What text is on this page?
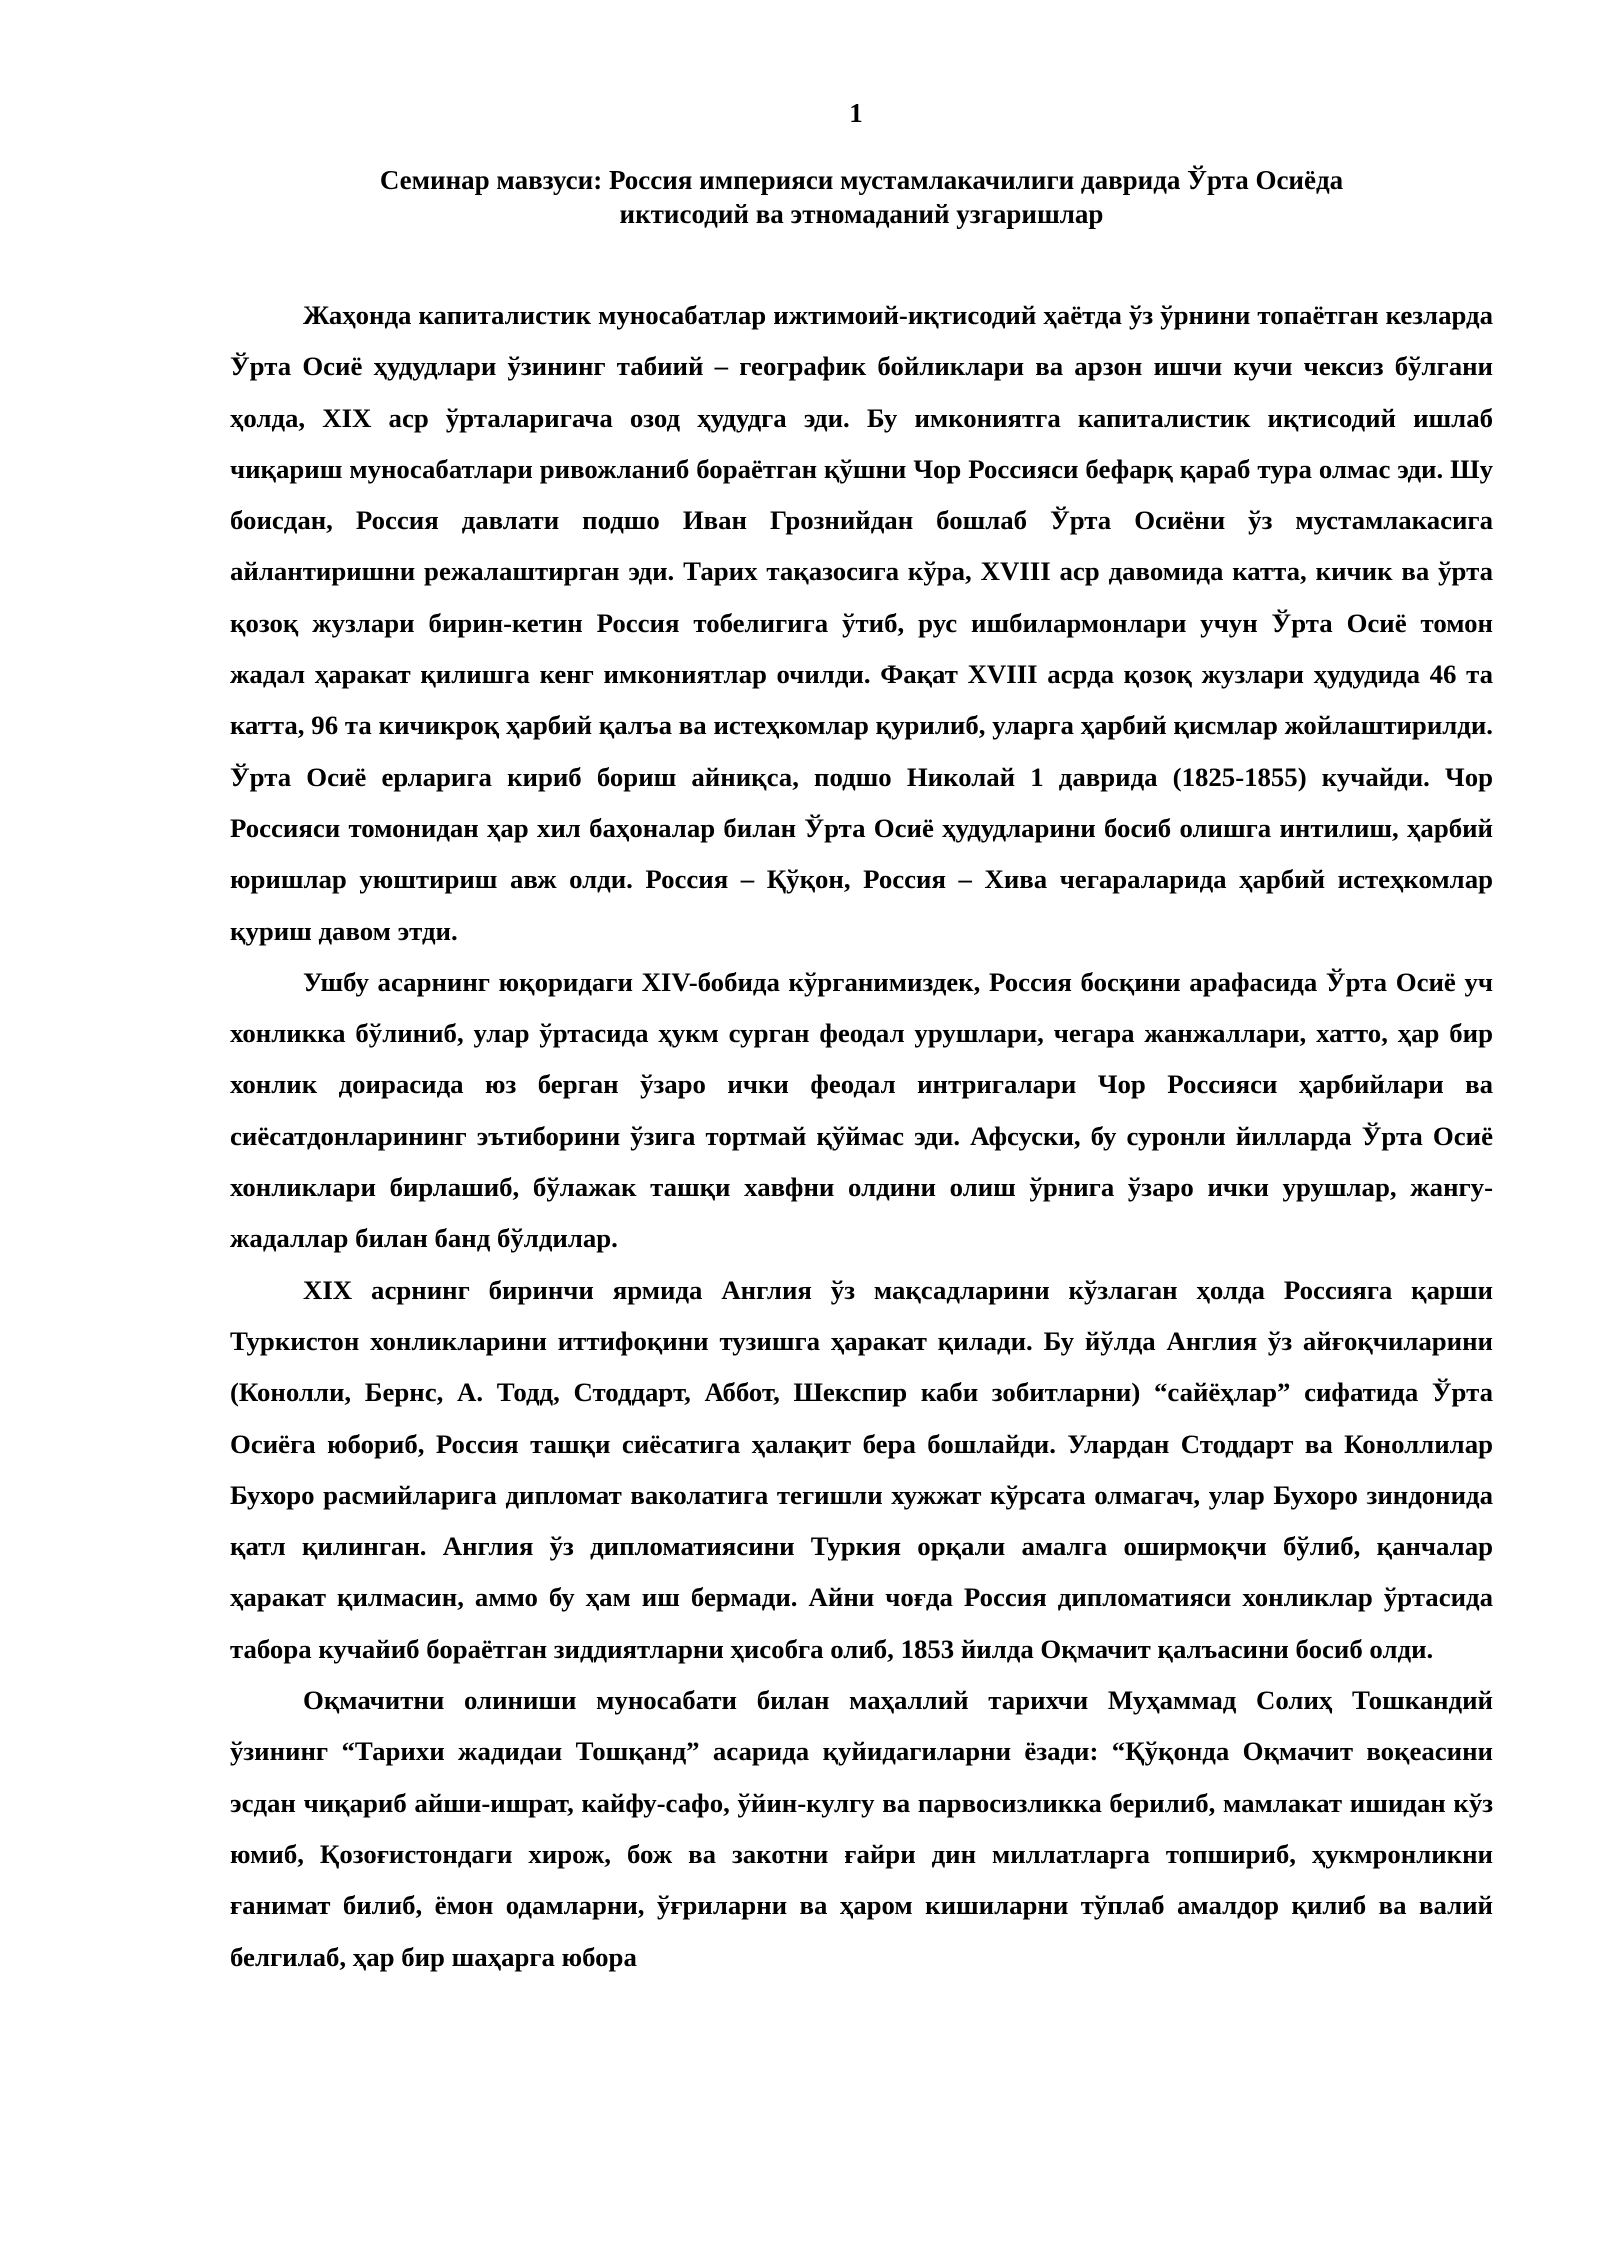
1
Семинар мавзуси: Россия империяси мустамлакачилиги даврида Ўрта Осиёда
иктисодий ва этномаданий узгаришлар

Жаҳонда капиталистик муносабатлар ижтимоий-иқтисодий ҳаётда ўз ўрнини топаётган кезларда Ўрта Осиё ҳудудлари ўзининг табиий – географик бойликлари ва арзон ишчи кучи чексиз бўлгани ҳолда, XIX аср ўрталаригача озод ҳудудга эди. Бу имкониятга капиталистик иқтисодий ишлаб чиқариш муносабатлари ривожланиб бораётган қўшни Чор Россияси бефарқ қараб тура олмас эди. Шу боисдан, Россия давлати подшо Иван Грознийдан бошлаб Ўрта Осиёни ўз мустамлакасига айлантиришни режалаштирган эди. Тарих тақазосига кўра, XVIII аср давомида катта, кичик ва ўрта қозоқ жузлари бирин-кетин Россия тобелигига ўтиб, рус ишбилармонлари учун Ўрта Осиё томон жадал ҳаракат қилишга кенг имкониятлар очилди. Фақат XVIII асрда қозоқ жузлари ҳудудида 46 та катта, 96 та кичикроқ ҳарбий қалъа ва истеҳкомлар қурилиб, уларга ҳарбий қисмлар жойлаштирилди. Ўрта Осиё ерларига кириб бориш айниқса, подшо Николай 1 даврида (1825-1855) кучайди. Чор Россияси томонидан ҳар хил баҳоналар билан Ўрта Осиё ҳудудларини босиб олишга интилиш, ҳарбий юришлар уюштириш авж олди. Россия – Қўқон, Россия – Хива чегараларида ҳарбий истеҳкомлар қуриш давом этди.

Ушбу асарнинг юқоридаги XIV-бобида кўрганимиздек, Россия босқини арафасида Ўрта Осиё уч хонликка бўлиниб, улар ўртасида ҳукм сурган феодал урушлари, чегара жанжаллари, хатто, ҳар бир хонлик доирасида юз берган ўзаро ички феодал интригалари Чор Россияси ҳарбийлари ва сиёсатдонларининг эътиборини ўзига тортмай қўймас эди. Афсуски, бу суронли йилларда Ўрта Осиё хонликлари бирлашиб, бўлажак ташқи хавфни олдини олиш ўрнига ўзаро ички урушлар, жангу-жадаллар билан банд бўлдилар.

XIX асрнинг биринчи ярмида Англия ўз мақсадларини кўзлаган ҳолда Россияга қарши Туркистон хонликларини иттифоқини тузишга ҳаракат қилади. Бу йўлда Англия ўз айғоқчиларини (Конолли, Бернс, А. Тодд, Стоддарт, Аббот, Шекспир каби зобитларни) “сайёҳлар” сифатида Ўрта Осиёга юбориб, Россия ташқи сиёсатига ҳалақит бера бошлайди. Улардан Стоддарт ва Коноллилар Бухоро расмийларига дипломат ваколатига тегишли хужжат кўрсата олмагач, улар Бухоро зиндонида қатл қилинган. Англия ўз дипломатиясини Туркия орқали амалга оширмоқчи бўлиб, қанчалар ҳаракат қилмасин, аммо бу ҳам иш бермади. Айни чоғда Россия дипломатияси хонликлар ўртасида табора кучайиб бораётган зиддиятларни ҳисобга олиб, 1853 йилда Оқмачит қалъасини босиб олди.

Оқмачитни олиниши муносабати билан маҳаллий тарихчи Муҳаммад Солиҳ Тошкандий ўзининг “Тарихи жадидаи Тошқанд” асарида қуйидагиларни ёзади: “Қўқонда Оқмачит воқеасини эсдан чиқариб айши-ишрат, кайфу-сафо, ўйин-кулгу ва парвосизликка берилиб, мамлакат ишидан кўз юмиб, Қозоғистондаги хирож, бож ва закотни ғайри дин миллатларга топшириб, ҳукмронликни ғанимат билиб, ёмон одамларни, ўғриларни ва ҳаром кишиларни тўплаб амалдор қилиб ва валий белгилаб, ҳар бир шаҳарга юбора
